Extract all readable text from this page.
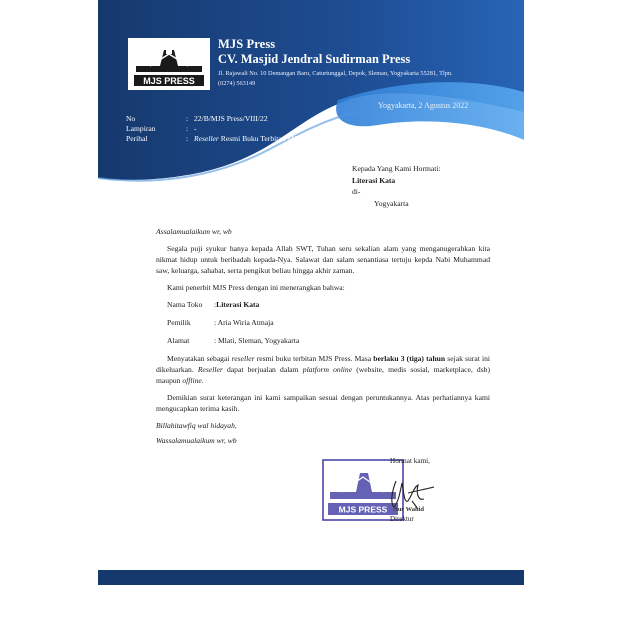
MJS PRESS
MJS Press
CV. Masjid Jendral Sudirman Press
Jl. Rajawali No. 10 Demangan Baru, Caturtunggal, Depok, Sleman, Yogyakarta 55281, Tlpn. (0274) 563149
Yogyakarta, 2 Agustus 2022
No	: 22/B/MJS Press/VIII/22
Lampiran	: -
Perihal	: Reseller Resmi Buku Terbitan MJS Press
Kepada Yang Kami Hormati:
Literasi Kata
di-
Yogyakarta

Assalamualaikum wr, wb

Segala puji syukur hanya kepada Allah SWT, Tuhan seru sekalian alam yang menganugerahkan kita nikmat hidup untuk beribadah kepada-Nya. Salawat dan salam senantiasa tertuju kepda Nabi Muhammad saw, keluarga, sahabat, serta pengikut beliau hingga akhir zaman.

Kami penerbit MJS Press dengan ini menerangkan bahwa:

Nama Toko	: Literasi Kata
Pemilik	: Aria Wiria Atmaja
Alamat	: Mlati, Sleman, Yogyakarta

Menyatakan sebagai reseller resmi buku terbitan MJS Press. Masa berlaku 3 (tiga) tahun sejak surat ini dikeluarkan. Reseller dapat berjualan dalam platform online (website, medis sosial, marketplace, dsb) maupun offline.

Demikian surat keterangan ini kami sampaikan sesuai dengan peruntukannya. Atas perhatiannya kami mengucapkan terima kasih.

Billahitawfiq wal hidayah,

Wassalamualaikum wr, wb

MJS PRESS
Hormat kami,
Nur Wahid
Direktur
